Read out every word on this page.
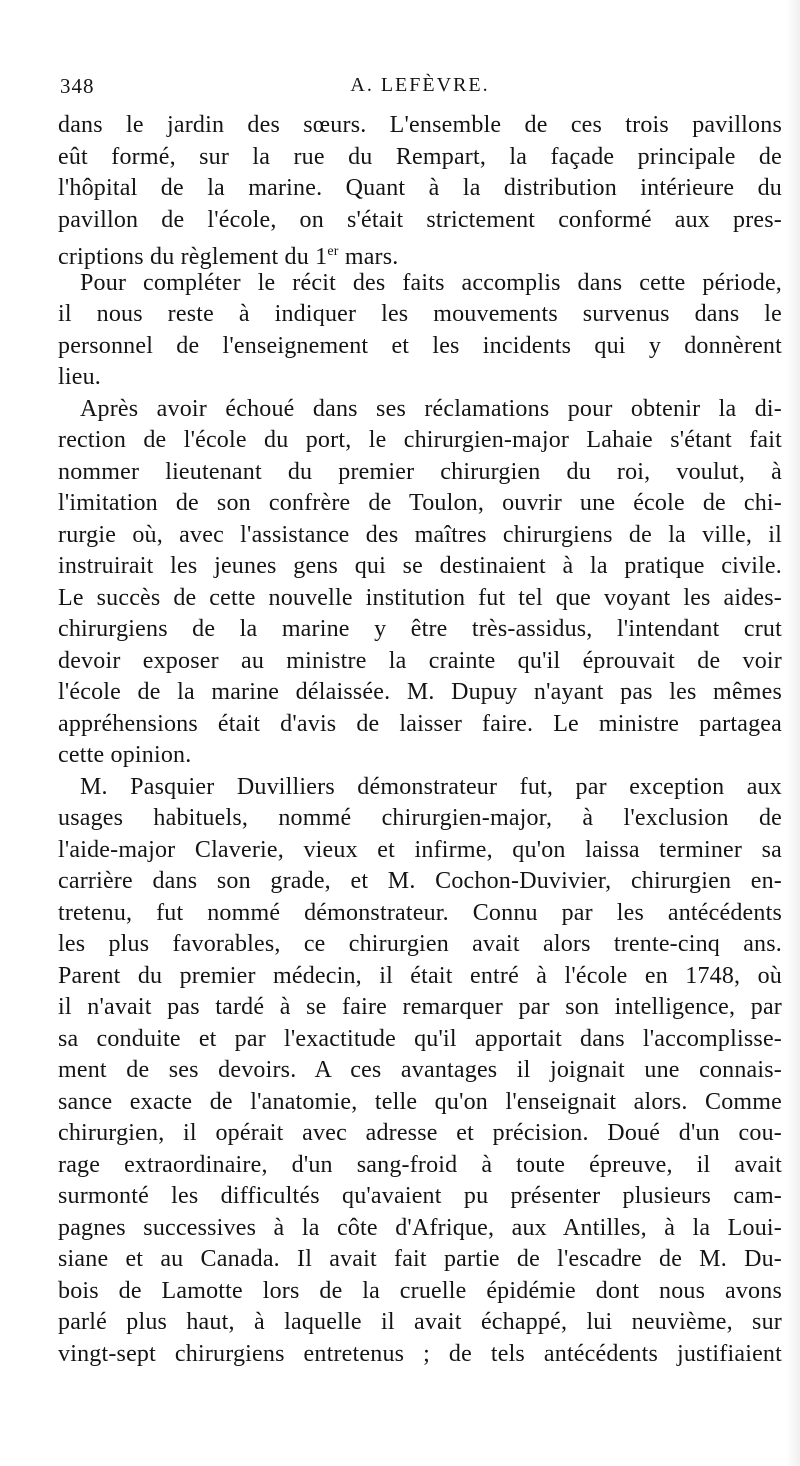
348	A. LEFÈVRE.
dans le jardin des sœurs. L'ensemble de ces trois pavillons
eût formé, sur la rue du Rempart, la façade principale de
l'hôpital de la marine. Quant à la distribution intérieure du
pavillon de l'école, on s'était strictement conformé aux pres-
criptions du règlement du 1er mars.
Pour compléter le récit des faits accomplis dans cette période,
il nous reste à indiquer les mouvements survenus dans le
personnel de l'enseignement et les incidents qui y donnèrent
lieu.
Après avoir échoué dans ses réclamations pour obtenir la di-
rection de l'école du port, le chirurgien-major Lahaie s'étant fait
nommer lieutenant du premier chirurgien du roi, voulut, à
l'imitation de son confrère de Toulon, ouvrir une école de chi-
rurgie où, avec l'assistance des maîtres chirurgiens de la ville, il
instruirait les jeunes gens qui se destinaient à la pratique civile.
Le succès de cette nouvelle institution fut tel que voyant les aides-
chirurgiens de la marine y être très-assidus, l'intendant crut
devoir exposer au ministre la crainte qu'il éprouvait de voir
l'école de la marine délaissée. M. Dupuy n'ayant pas les mêmes
appréhensions était d'avis de laisser faire. Le ministre partagea
cette opinion.
M. Pasquier Duvilliers démonstrateur fut, par exception aux
usages habituels, nommé chirurgien-major, à l'exclusion de
l'aide-major Claverie, vieux et infirme, qu'on laissa terminer sa
carrière dans son grade, et M. Cochon-Duvivier, chirurgien en-
tretenu, fut nommé démonstrateur. Connu par les antécédents
les plus favorables, ce chirurgien avait alors trente-cinq ans.
Parent du premier médecin, il était entré à l'école en 1748, où
il n'avait pas tardé à se faire remarquer par son intelligence, par
sa conduite et par l'exactitude qu'il apportait dans l'accomplisse-
ment de ses devoirs. A ces avantages il joignait une connais-
sance exacte de l'anatomie, telle qu'on l'enseignait alors. Comme
chirurgien, il opérait avec adresse et précision. Doué d'un cou-
rage extraordinaire, d'un sang-froid à toute épreuve, il avait
surmonté les difficultés qu'avaient pu présenter plusieurs cam-
pagnes successives à la côte d'Afrique, aux Antilles, à la Loui-
siane et au Canada. Il avait fait partie de l'escadre de M. Du-
bois de Lamotte lors de la cruelle épidémie dont nous avons
parlé plus haut, à laquelle il avait échappé, lui neuvième, sur
vingt-sept chirurgiens entretenus ; de tels antécédents justifiaient
